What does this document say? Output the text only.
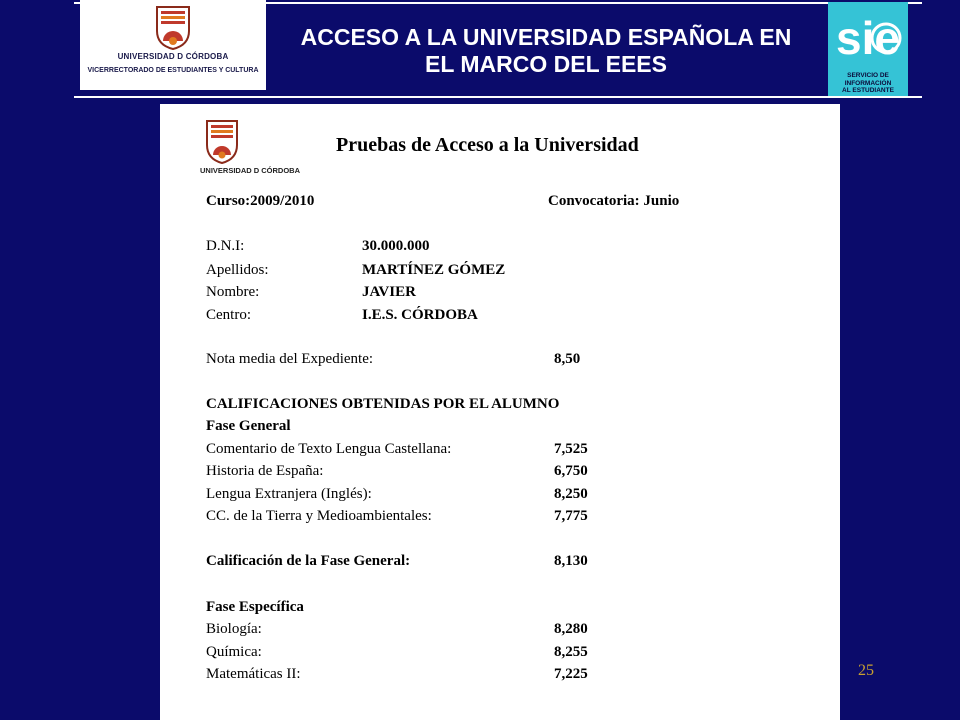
UNIVERSIDAD D CÓRDOBA
VICERRECTORADO DE ESTUDIANTES Y CULTURA
ACCESO A LA UNIVERSIDAD ESPAÑOLA EN
EL MARCO DEL EEES	sie
SERVICIO DE
INFORMACIÓN
AL ESTUDIANTE
UNIVERSIDAD D CÓRDOBA
Pruebas de Acceso a la Universidad
Curso:2009/2010	Convocatoria: Junio
D.N.I:	30.000.000
Apellidos:	MARTÍNEZ GÓMEZ
Nombre:	JAVIER
Centro:	I.E.S. CÓRDOBA
Nota media del Expediente:	8,50
CALIFICACIONES OBTENIDAS POR EL ALUMNO
Fase General
Comentario de Texto Lengua Castellana:	7,525
Historia de España:	6,750
Lengua Extranjera (Inglés):	8,250
CC. de la Tierra y Medioambientales:	7,775
Calificación de la Fase General:	8,130
Fase Específica
Biología:	8,280
Química:	8,255
Matemáticas II:	7,225	25
